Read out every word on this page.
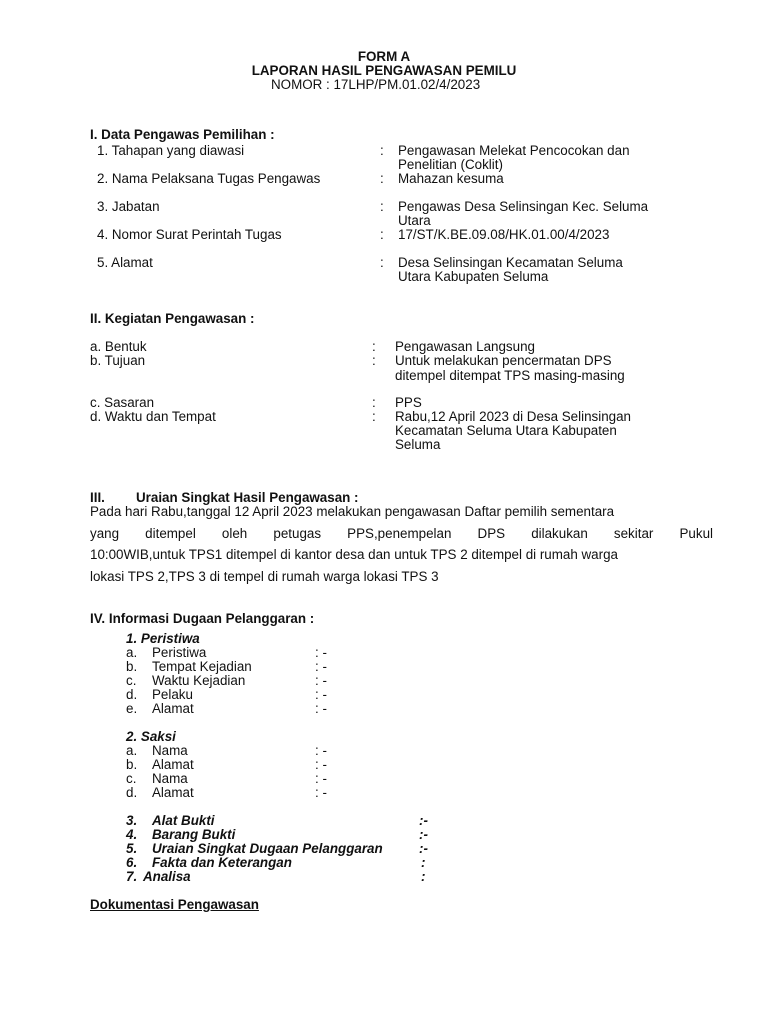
FORM A
LAPORAN HASIL PENGAWASAN PEMILU
NOMOR : 17LHP/PM.01.02/4/2023
I. Data Pengawas Pemilihan :
1. Tahapan yang diawasi	: Pengawasan Melekat Pencocokan dan
Penelitian (Coklit)
2. Nama Pelaksana Tugas Pengawas	: Mahazan kesuma
3. Jabatan	: Pengawas Desa Selinsingan Kec. Seluma
Utara
4. Nomor Surat Perintah Tugas	: 17/ST/K.BE.09.08/HK.01.00/4/2023
5. Alamat	: Desa Selinsingan Kecamatan Seluma
Utara Kabupaten Seluma
II. Kegiatan Pengawasan :
a. Bentuk	: Pengawasan Langsung
b. Tujuan	: Untuk melakukan pencermatan DPS
ditempel ditempat TPS masing-masing
c. Sasaran	: PPS
d. Waktu dan Tempat	: Rabu,12 April 2023 di Desa Selinsingan
Kecamatan Seluma Utara Kabupaten
Seluma
III. Uraian Singkat Hasil Pengawasan :
Pada hari Rabu,tanggal 12 April 2023 melakukan pengawasan Daftar pemilih sementara
yang ditempel oleh petugas PPS,penempelan DPS dilakukan sekitar Pukul
10:00WIB,untuk TPS1 ditempel di kantor desa dan untuk TPS 2 ditempel di rumah warga
lokasi TPS 2,TPS 3 di tempel di rumah warga lokasi TPS 3
IV. Informasi Dugaan Pelanggaran :
1. Peristiwa
a. Peristiwa	: -
b. Tempat Kejadian	: -
c. Waktu Kejadian	: -
d. Pelaku	: -
e. Alamat	: -
2. Saksi
a. Nama	: -
b. Alamat	: -
c. Nama	: -
d. Alamat	: -
3. Alat Bukti	:-
4. Barang Bukti	:-
5. Uraian Singkat Dugaan Pelanggaran	:-
6. Fakta dan Keterangan	:
7. Analisa	:
Dokumentasi Pengawasan
